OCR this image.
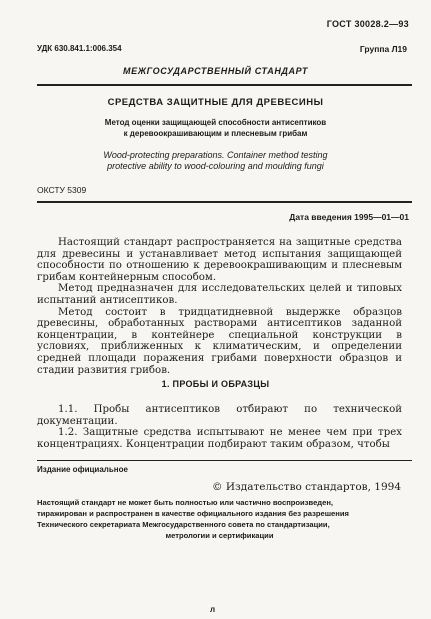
ГОСТ 30028.2—93
УДК 630.841.1:006.354	Группа Л19
МЕЖГОСУДАРСТВЕННЫЙ СТАНДАРТ
СРЕДСТВА ЗАЩИТНЫЕ ДЛЯ ДРЕВЕСИНЫ
Метод оценки защищающей способности антисептиков
к деревоокрашивающим и плесневым грибам
Wood-protecting preparations. Container method testing
protective ability to wood-colouring and moulding fungi
ОКСТУ 5309
Дата введения 1995—01—01

Настоящий стандарт распространяется на защитные средства для древесины и устанавливает метод испытания защищающей способности по отношению к деревоокрашивающим и плесневым грибам контейнерным способом.

Метод предназначен для исследовательских целей и типовых испытаний антисептиков.

Метод состоит в тридцатидневной выдержке образцов древесины, обработанных растворами антисептиков заданной концентрации, в контейнере специальной конструкции в условиях, приближенных к климатическим, и определении средней площади поражения грибами поверхности образцов и стадии развития грибов.

1. ПРОБЫ И ОБРАЗЦЫ

1.1. Пробы антисептиков отбирают по технической документации.

1.2. Защитные средства испытывают не менее чем при трех концентрациях. Концентрации подбирают таким образом, чтобы

Издание официальное
© Издательство стандартов, 1994

Настоящий стандарт не может быть полностью или частично воспроизведен,

тиражирован и распространен в качестве официального издания без разрешения

Технического секретариата Межгосударственного совета по стандартизации,

метрологии и сертификации

л
